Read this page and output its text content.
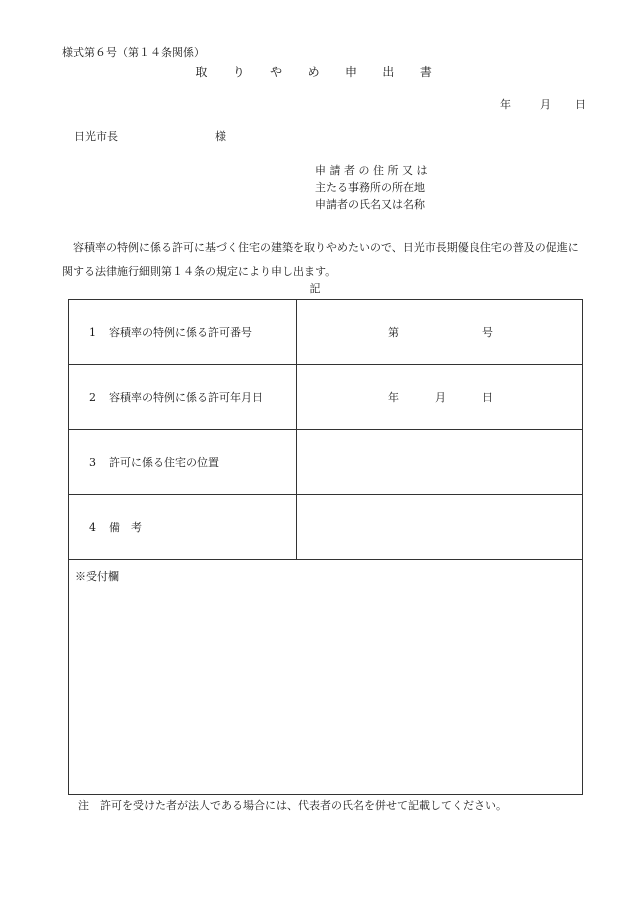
様式第６号（第１４条関係）
取 り や め 申 出 書
年	月 日
日光市長	様
申 請 者 の 住 所 又 は
主たる事務所の所在地
申請者の氏名又は名称
容積率の特例に係る許可に基づく住宅の建築を取りやめたいので、日光市長期優良住宅の普及の促進に関する法律施行細則第１４条の規定により申し出ます。
記
1	容積率の特例に係る許可番号	第	号
2	容積率の特例に係る許可年月日	年	月	日
3	許可に係る住宅の位置
4	備　考
※受付欄
注 許可を受けた者が法人である場合には、代表者の氏名を併せて記載してください。
